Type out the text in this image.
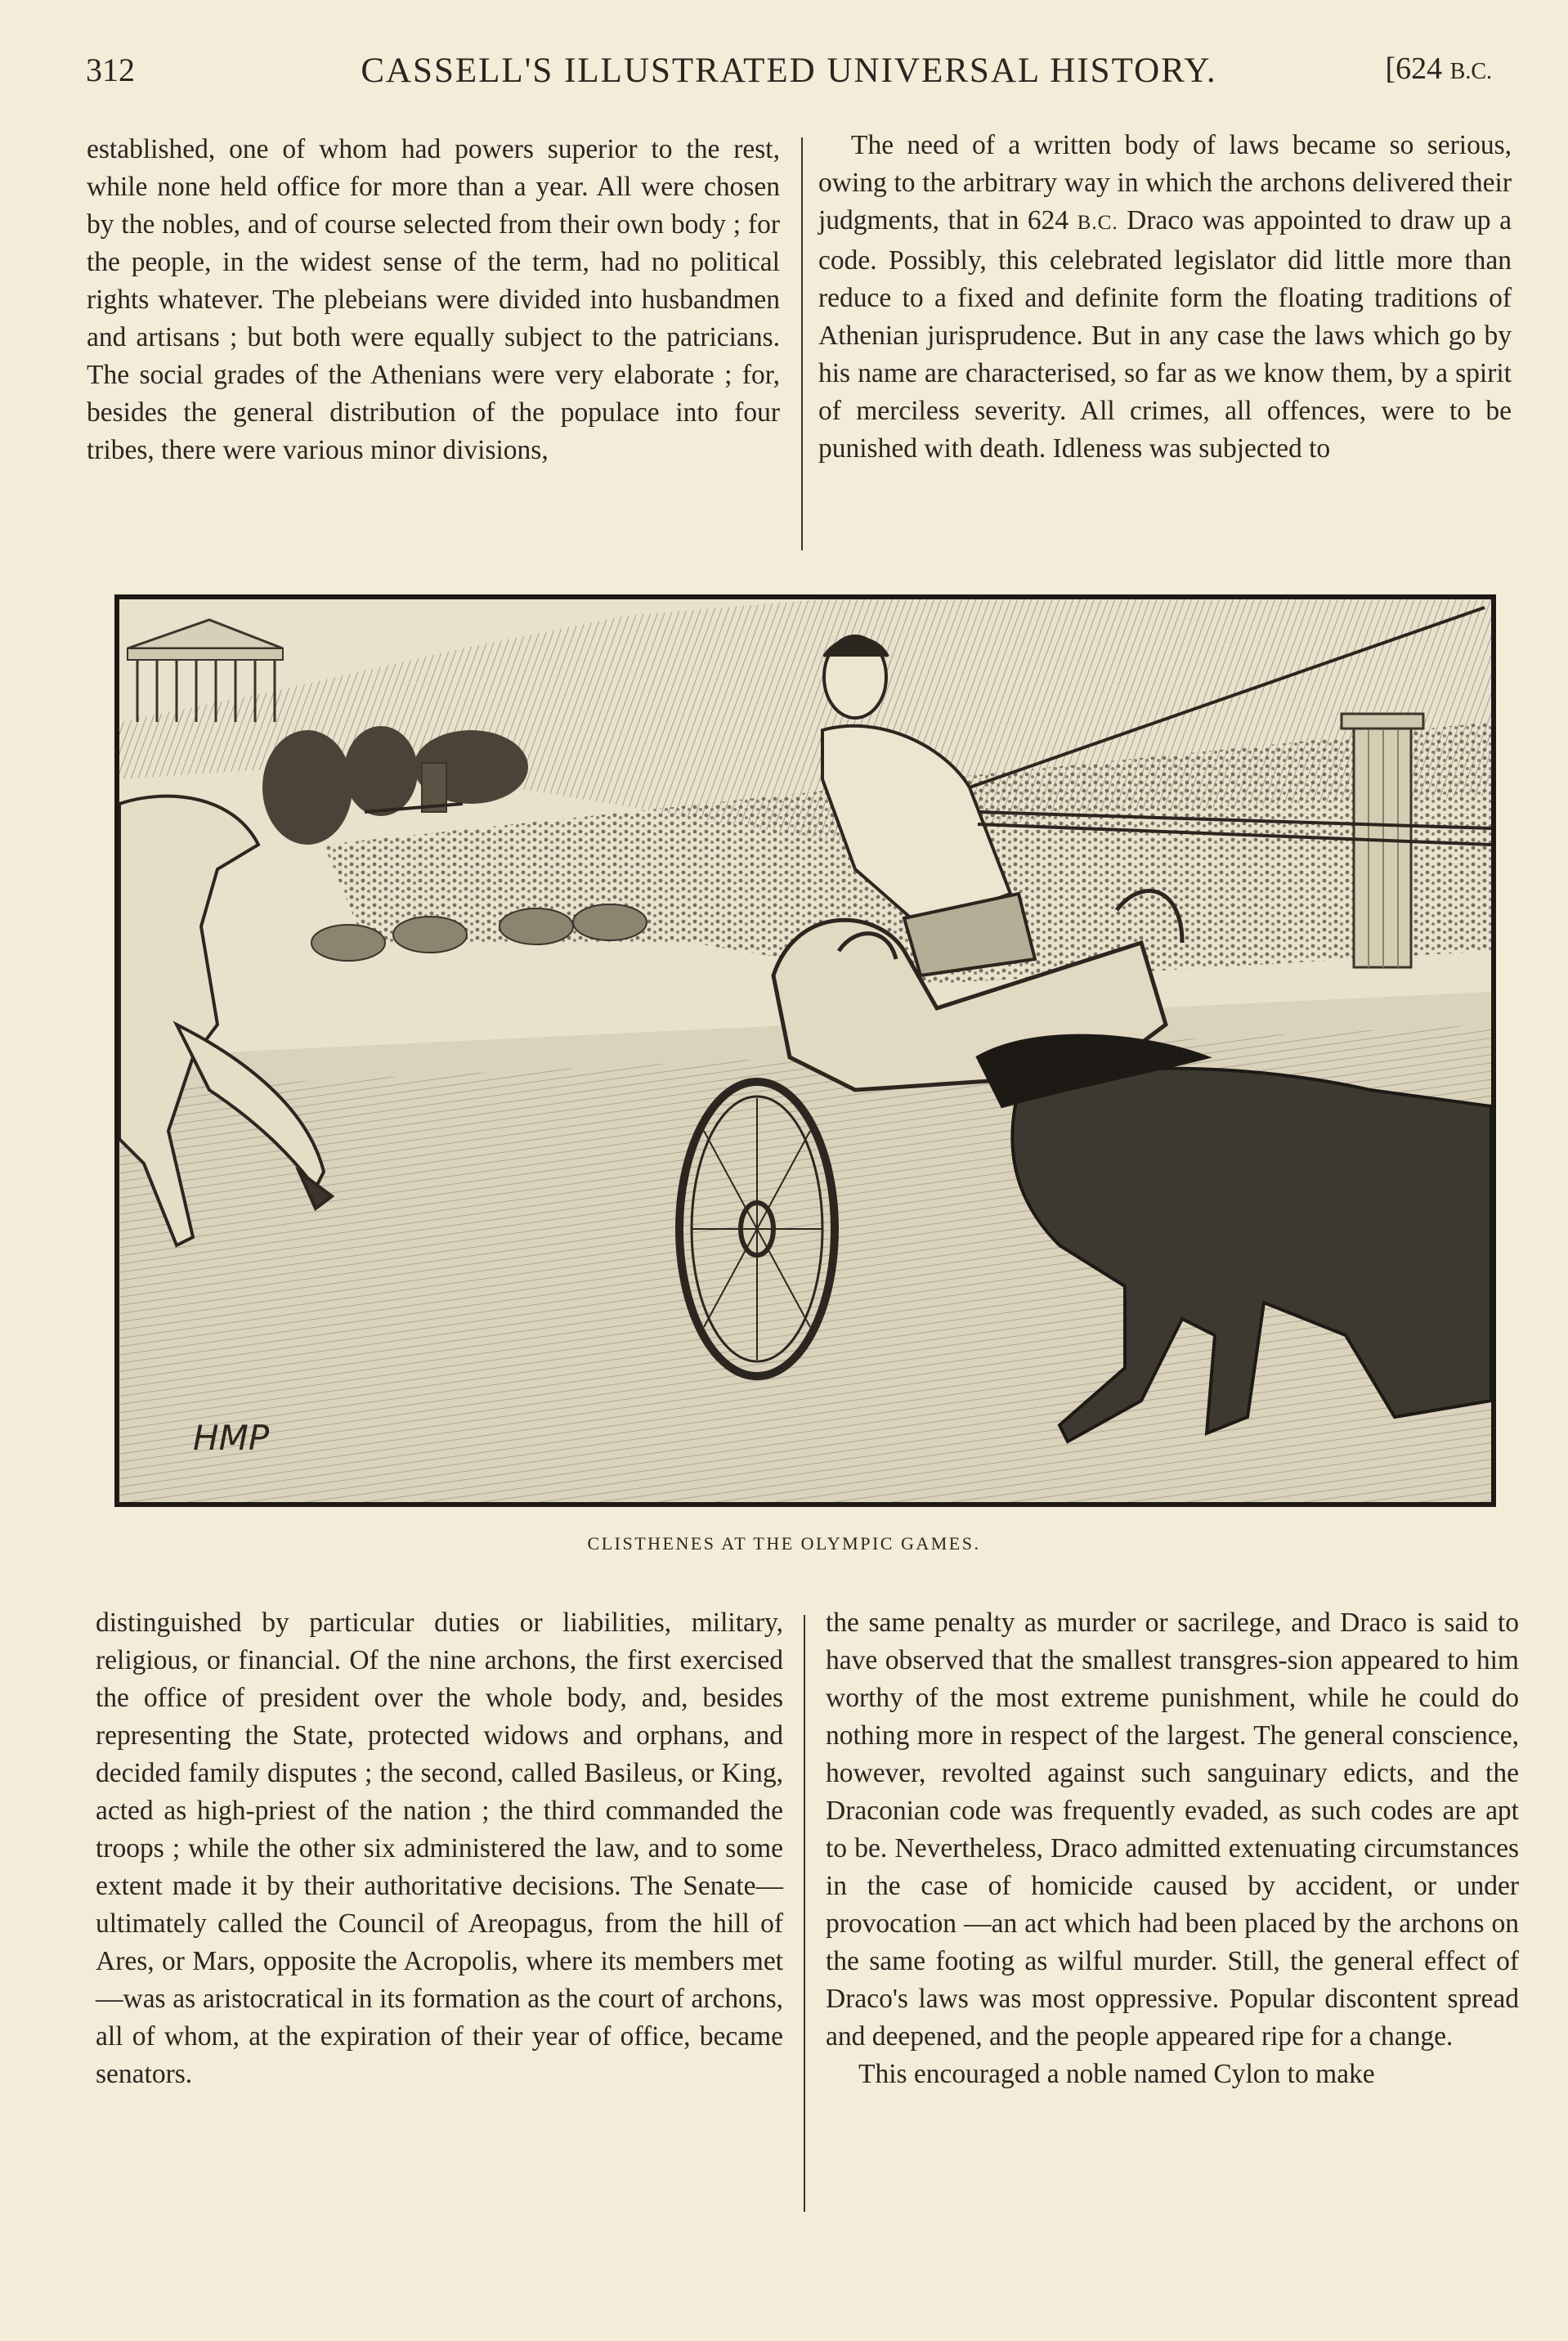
312	CASSELL'S ILLUSTRATED UNIVERSAL HISTORY.	[624 B.C.

established, one of whom had powers superior to the rest, while none held office for more than a year. All were chosen by the nobles, and of course selected from their own body ; for the people, in the widest sense of the term, had no political rights whatever. The plebeians were divided into husbandmen and artisans ; but both were equally subject to the patricians. The social grades of the Athenians were very elaborate ; for, besides the general distribution of the populace into four tribes, there were various minor divisions,

The need of a written body of laws became so serious, owing to the arbitrary way in which the archons delivered their judgments, that in 624 B.C. Draco was appointed to draw up a code. Possibly, this celebrated legislator did little more than reduce to a fixed and definite form the floating traditions of Athenian jurisprudence. But in any case the laws which go by his name are characterised, so far as we know them, by a spirit of merciless severity. All crimes, all offences, were to be punished with death. Idleness was subjected to

HMP
CLISTHENES AT THE OLYMPIC GAMES.

distinguished by particular duties or liabilities, military, religious, or financial. Of the nine archons, the first exercised the office of president over the whole body, and, besides representing the State, protected widows and orphans, and decided family disputes ; the second, called Basileus, or King, acted as high-priest of the nation ; the third commanded the troops ; while the other six administered the law, and to some extent made it by their authoritative decisions. The Senate—ultimately called the Council of Areopagus, from the hill of Ares, or Mars, opposite the Acropolis, where its members met—was as aristocratical in its formation as the court of archons, all of whom, at the expiration of their year of office, became senators.

the same penalty as murder or sacrilege, and Draco is said to have observed that the smallest transgres-sion appeared to him worthy of the most extreme punishment, while he could do nothing more in respect of the largest. The general conscience, however, revolted against such sanguinary edicts, and the Draconian code was frequently evaded, as such codes are apt to be. Nevertheless, Draco admitted extenuating circumstances in the case of homicide caused by accident, or under provocation —an act which had been placed by the archons on the same footing as wilful murder. Still, the general effect of Draco's laws was most oppressive. Popular discontent spread and deepened, and the people appeared ripe for a change.

This encouraged a noble named Cylon to make
